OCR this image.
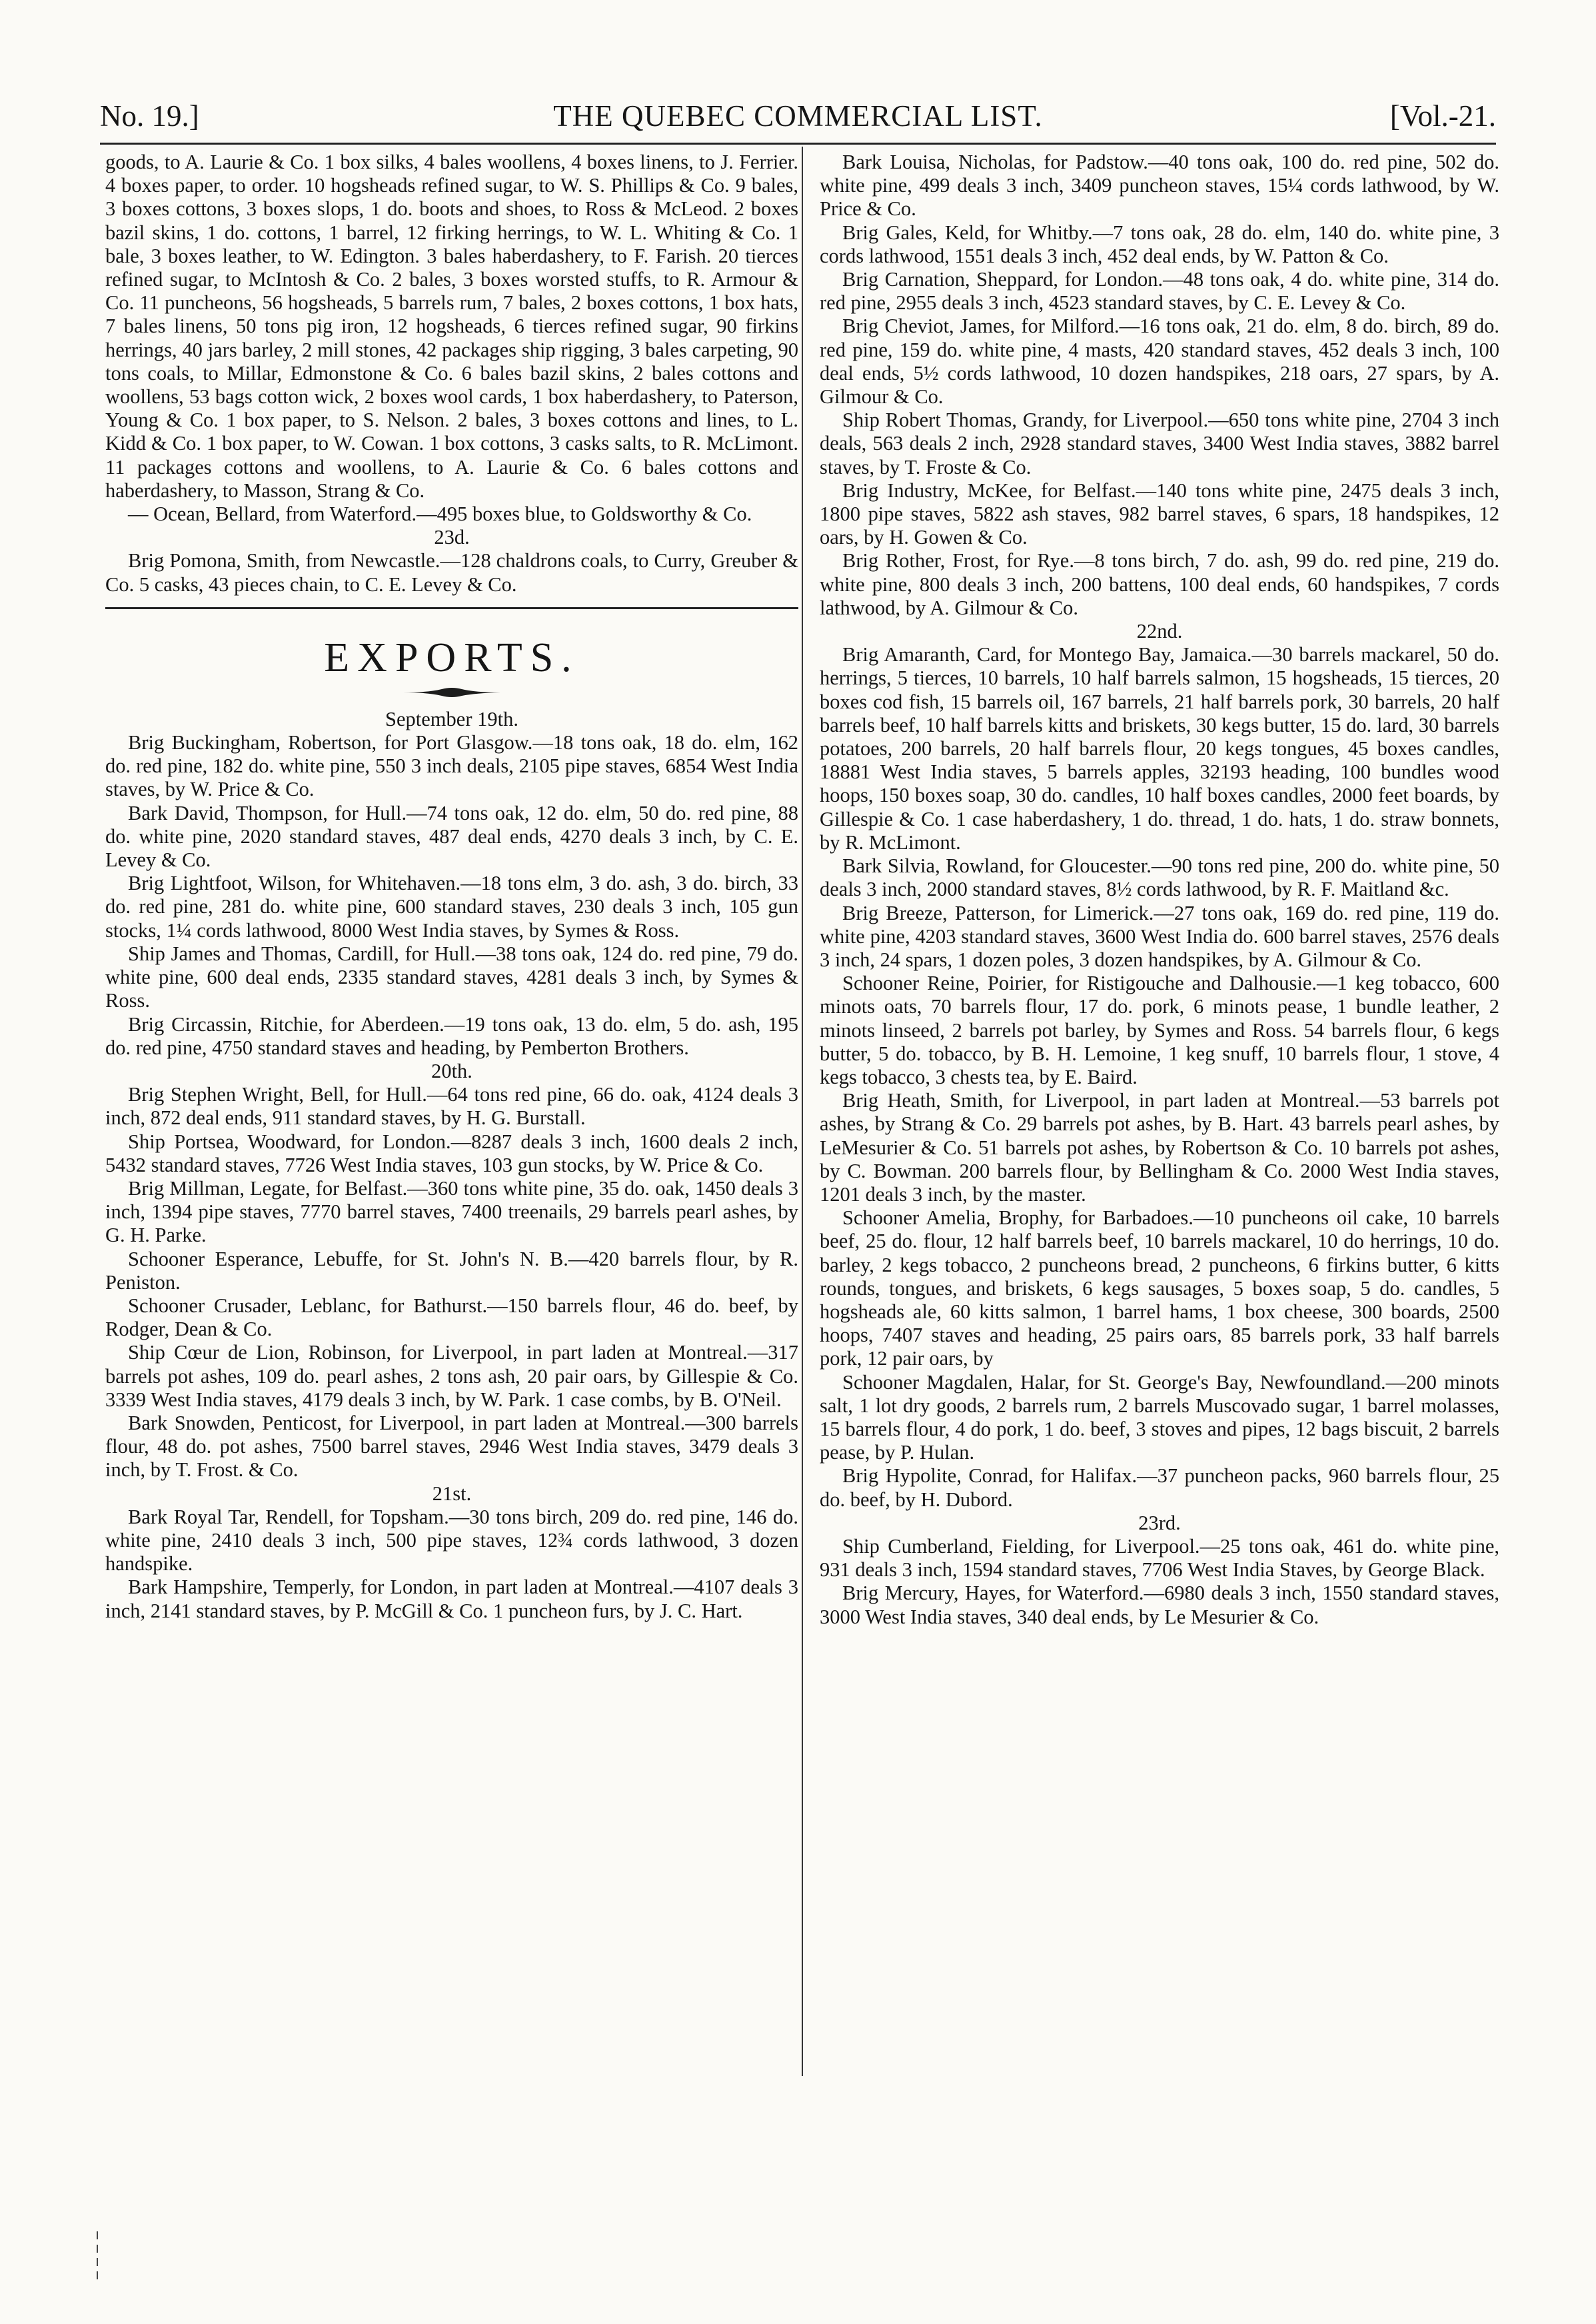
No. 19.]	THE QUEBEC COMMERCIAL LIST.	[Vol.-21.

goods, to A. Laurie & Co. 1 box silks, 4 bales woollens, 4 boxes linens, to J. Ferrier. 4 boxes paper, to order. 10 hogsheads refined sugar, to W. S. Phillips & Co. 9 bales, 3 boxes cottons, 3 boxes slops, 1 do. boots and shoes, to Ross & McLeod. 2 boxes bazil skins, 1 do. cottons, 1 barrel, 12 firking herrings, to W. L. Whiting & Co. 1 bale, 3 boxes leather, to W. Edington. 3 bales haberdashery, to F. Farish. 20 tierces refined sugar, to McIntosh & Co. 2 bales, 3 boxes worsted stuffs, to R. Armour & Co. 11 puncheons, 56 hogsheads, 5 barrels rum, 7 bales, 2 boxes cottons, 1 box hats, 7 bales linens, 50 tons pig iron, 12 hogsheads, 6 tierces refined sugar, 90 firkins herrings, 40 jars barley, 2 mill stones, 42 packages ship rigging, 3 bales carpeting, 90 tons coals, to Millar, Edmonstone & Co. 6 bales bazil skins, 2 bales cottons and woollens, 53 bags cotton wick, 2 boxes wool cards, 1 box haberdashery, to Paterson, Young & Co. 1 box paper, to S. Nelson. 2 bales, 3 boxes cottons and lines, to L. Kidd & Co. 1 box paper, to W. Cowan. 1 box cottons, 3 casks salts, to R. McLimont. 11 packages cottons and woollens, to A. Laurie & Co. 6 bales cottons and haberdashery, to Masson, Strang & Co.

— Ocean, Bellard, from Waterford.—495 boxes blue, to Goldsworthy & Co.

23d.

Brig Pomona, Smith, from Newcastle.—128 chaldrons coals, to Curry, Greuber & Co. 5 casks, 43 pieces chain, to C. E. Levey & Co.

EXPORTS.

September 19th.

Brig Buckingham, Robertson, for Port Glasgow.—18 tons oak, 18 do. elm, 162 do. red pine, 182 do. white pine, 550 3 inch deals, 2105 pipe staves, 6854 West India staves, by W. Price & Co.

Bark David, Thompson, for Hull.—74 tons oak, 12 do. elm, 50 do. red pine, 88 do. white pine, 2020 standard staves, 487 deal ends, 4270 deals 3 inch, by C. E. Levey & Co.

Brig Lightfoot, Wilson, for Whitehaven.—18 tons elm, 3 do. ash, 3 do. birch, 33 do. red pine, 281 do. white pine, 600 standard staves, 230 deals 3 inch, 105 gun stocks, 1¼ cords lathwood, 8000 West India staves, by Symes & Ross.

Ship James and Thomas, Cardill, for Hull.—38 tons oak, 124 do. red pine, 79 do. white pine, 600 deal ends, 2335 standard staves, 4281 deals 3 inch, by Symes & Ross.

Brig Circassin, Ritchie, for Aberdeen.—19 tons oak, 13 do. elm, 5 do. ash, 195 do. red pine, 4750 standard staves and heading, by Pemberton Brothers.

20th.

Brig Stephen Wright, Bell, for Hull.—64 tons red pine, 66 do. oak, 4124 deals 3 inch, 872 deal ends, 911 standard staves, by H. G. Burstall.

Ship Portsea, Woodward, for London.—8287 deals 3 inch, 1600 deals 2 inch, 5432 standard staves, 7726 West India staves, 103 gun stocks, by W. Price & Co.

Brig Millman, Legate, for Belfast.—360 tons white pine, 35 do. oak, 1450 deals 3 inch, 1394 pipe staves, 7770 barrel staves, 7400 treenails, 29 barrels pearl ashes, by G. H. Parke.

Schooner Esperance, Lebuffe, for St. John's N. B.—420 barrels flour, by R. Peniston.

Schooner Crusader, Leblanc, for Bathurst.—150 barrels flour, 46 do. beef, by Rodger, Dean & Co.

Ship Cœur de Lion, Robinson, for Liverpool, in part laden at Montreal.—317 barrels pot ashes, 109 do. pearl ashes, 2 tons ash, 20 pair oars, by Gillespie & Co. 3339 West India staves, 4179 deals 3 inch, by W. Park. 1 case combs, by B. O'Neil.

Bark Snowden, Penticost, for Liverpool, in part laden at Montreal.—300 barrels flour, 48 do. pot ashes, 7500 barrel staves, 2946 West India staves, 3479 deals 3 inch, by T. Frost. & Co.

21st.

Bark Royal Tar, Rendell, for Topsham.—30 tons birch, 209 do. red pine, 146 do. white pine, 2410 deals 3 inch, 500 pipe staves, 12¾ cords lathwood, 3 dozen handspike.

Bark Hampshire, Temperly, for London, in part laden at Montreal.—4107 deals 3 inch, 2141 standard staves, by P. McGill & Co. 1 puncheon furs, by J. C. Hart.

Bark Louisa, Nicholas, for Padstow.—40 tons oak, 100 do. red pine, 502 do. white pine, 499 deals 3 inch, 3409 puncheon staves, 15¼ cords lathwood, by W. Price & Co.

Brig Gales, Keld, for Whitby.—7 tons oak, 28 do. elm, 140 do. white pine, 3 cords lathwood, 1551 deals 3 inch, 452 deal ends, by W. Patton & Co.

Brig Carnation, Sheppard, for London.—48 tons oak, 4 do. white pine, 314 do. red pine, 2955 deals 3 inch, 4523 standard staves, by C. E. Levey & Co.

Brig Cheviot, James, for Milford.—16 tons oak, 21 do. elm, 8 do. birch, 89 do. red pine, 159 do. white pine, 4 masts, 420 standard staves, 452 deals 3 inch, 100 deal ends, 5½ cords lathwood, 10 dozen handspikes, 218 oars, 27 spars, by A. Gilmour & Co.

Ship Robert Thomas, Grandy, for Liverpool.—650 tons white pine, 2704 3 inch deals, 563 deals 2 inch, 2928 standard staves, 3400 West India staves, 3882 barrel staves, by T. Froste & Co.

Brig Industry, McKee, for Belfast.—140 tons white pine, 2475 deals 3 inch, 1800 pipe staves, 5822 ash staves, 982 barrel staves, 6 spars, 18 handspikes, 12 oars, by H. Gowen & Co.

Brig Rother, Frost, for Rye.—8 tons birch, 7 do. ash, 99 do. red pine, 219 do. white pine, 800 deals 3 inch, 200 battens, 100 deal ends, 60 handspikes, 7 cords lathwood, by A. Gilmour & Co.

22nd.

Brig Amaranth, Card, for Montego Bay, Jamaica.—30 barrels mackarel, 50 do. herrings, 5 tierces, 10 barrels, 10 half barrels salmon, 15 hogsheads, 15 tierces, 20 boxes cod fish, 15 barrels oil, 167 barrels, 21 half barrels pork, 30 barrels, 20 half barrels beef, 10 half barrels kitts and briskets, 30 kegs butter, 15 do. lard, 30 barrels potatoes, 200 barrels, 20 half barrels flour, 20 kegs tongues, 45 boxes candles, 18881 West India staves, 5 barrels apples, 32193 heading, 100 bundles wood hoops, 150 boxes soap, 30 do. candles, 10 half boxes candles, 2000 feet boards, by Gillespie & Co. 1 case haberdashery, 1 do. thread, 1 do. hats, 1 do. straw bonnets, by R. McLimont.

Bark Silvia, Rowland, for Gloucester.—90 tons red pine, 200 do. white pine, 50 deals 3 inch, 2000 standard staves, 8½ cords lathwood, by R. F. Maitland &c.

Brig Breeze, Patterson, for Limerick.—27 tons oak, 169 do. red pine, 119 do. white pine, 4203 standard staves, 3600 West India do. 600 barrel staves, 2576 deals 3 inch, 24 spars, 1 dozen poles, 3 dozen handspikes, by A. Gilmour & Co.

Schooner Reine, Poirier, for Ristigouche and Dalhousie.—1 keg tobacco, 600 minots oats, 70 barrels flour, 17 do. pork, 6 minots pease, 1 bundle leather, 2 minots linseed, 2 barrels pot barley, by Symes and Ross. 54 barrels flour, 6 kegs butter, 5 do. tobacco, by B. H. Lemoine, 1 keg snuff, 10 barrels flour, 1 stove, 4 kegs tobacco, 3 chests tea, by E. Baird.

Brig Heath, Smith, for Liverpool, in part laden at Montreal.—53 barrels pot ashes, by Strang & Co. 29 barrels pot ashes, by B. Hart. 43 barrels pearl ashes, by LeMesurier & Co. 51 barrels pot ashes, by Robertson & Co. 10 barrels pot ashes, by C. Bowman. 200 barrels flour, by Bellingham & Co. 2000 West India staves, 1201 deals 3 inch, by the master.

Schooner Amelia, Brophy, for Barbadoes.—10 puncheons oil cake, 10 barrels beef, 25 do. flour, 12 half barrels beef, 10 barrels mackarel, 10 do herrings, 10 do. barley, 2 kegs tobacco, 2 puncheons bread, 2 puncheons, 6 firkins butter, 6 kitts rounds, tongues, and briskets, 6 kegs sausages, 5 boxes soap, 5 do. candles, 5 hogsheads ale, 60 kitts salmon, 1 barrel hams, 1 box cheese, 300 boards, 2500 hoops, 7407 staves and heading, 25 pairs oars, 85 barrels pork, 33 half barrels pork, 12 pair oars, by

Schooner Magdalen, Halar, for St. George's Bay, Newfoundland.—200 minots salt, 1 lot dry goods, 2 barrels rum, 2 barrels Muscovado sugar, 1 barrel molasses, 15 barrels flour, 4 do pork, 1 do. beef, 3 stoves and pipes, 12 bags biscuit, 2 barrels pease, by P. Hulan.

Brig Hypolite, Conrad, for Halifax.—37 puncheon packs, 960 barrels flour, 25 do. beef, by H. Dubord.

23rd.

Ship Cumberland, Fielding, for Liverpool.—25 tons oak, 461 do. white pine, 931 deals 3 inch, 1594 standard staves, 7706 West India Staves, by George Black.

Brig Mercury, Hayes, for Waterford.—6980 deals 3 inch, 1550 standard staves, 3000 West India staves, 340 deal ends, by Le Mesurier & Co.
